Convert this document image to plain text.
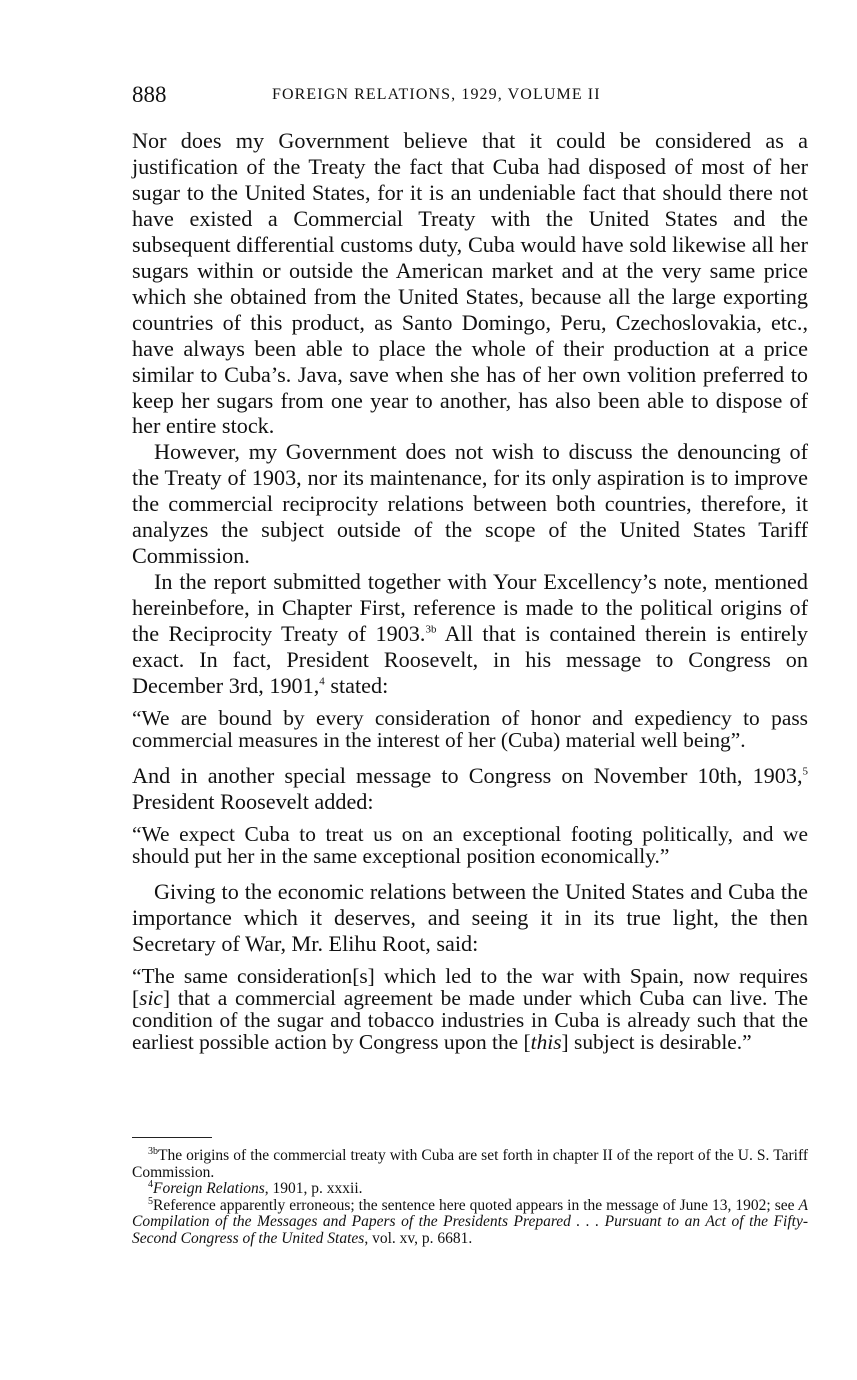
888	FOREIGN RELATIONS, 1929, VOLUME II

Nor does my Government believe that it could be considered as a justification of the Treaty the fact that Cuba had disposed of most of her sugar to the United States, for it is an undeniable fact that should there not have existed a Commercial Treaty with the United States and the subsequent differential customs duty, Cuba would have sold likewise all her sugars within or outside the American market and at the very same price which she obtained from the United States, because all the large exporting countries of this product, as Santo Domingo, Peru, Czechoslovakia, etc., have always been able to place the whole of their production at a price similar to Cuba’s. Java, save when she has of her own volition preferred to keep her sugars from one year to another, has also been able to dispose of her entire stock.

However, my Government does not wish to discuss the denouncing of the Treaty of 1903, nor its maintenance, for its only aspiration is to improve the commercial reciprocity relations between both countries, therefore, it analyzes the subject outside of the scope of the United States Tariff Commission.

In the report submitted together with Your Excellency’s note, mentioned hereinbefore, in Chapter First, reference is made to the political origins of the Reciprocity Treaty of 1903.$^{3b}$ All that is contained therein is entirely exact. In fact, President Roosevelt, in his message to Congress on December 3rd, 1901,$^4$ stated:

“We are bound by every consideration of honor and expediency to pass commercial measures in the interest of her (Cuba) material well being”.

And in another special message to Congress on November 10th, 1903,$^5$ President Roosevelt added:

“We expect Cuba to treat us on an exceptional footing politically, and we should put her in the same exceptional position economically.”

Giving to the economic relations between the United States and Cuba the importance which it deserves, and seeing it in its true light, the then Secretary of War, Mr. Elihu Root, said:

“The same consideration[s] which led to the war with Spain, now requires [sic] that a commercial agreement be made under which Cuba can live. The condition of the sugar and tobacco industries in Cuba is already such that the earliest possible action by Congress upon the [this] subject is desirable.”

$^{3b}$The origins of the commercial treaty with Cuba are set forth in chapter II of the report of the U. S. Tariff Commission.

$^4$Foreign Relations, 1901, p. xxxii.

$^5$Reference apparently erroneous; the sentence here quoted appears in the message of June 13, 1902; see A Compilation of the Messages and Papers of the Presidents Prepared . . . Pursuant to an Act of the Fifty-Second Congress of the United States, vol. xv, p. 6681.
